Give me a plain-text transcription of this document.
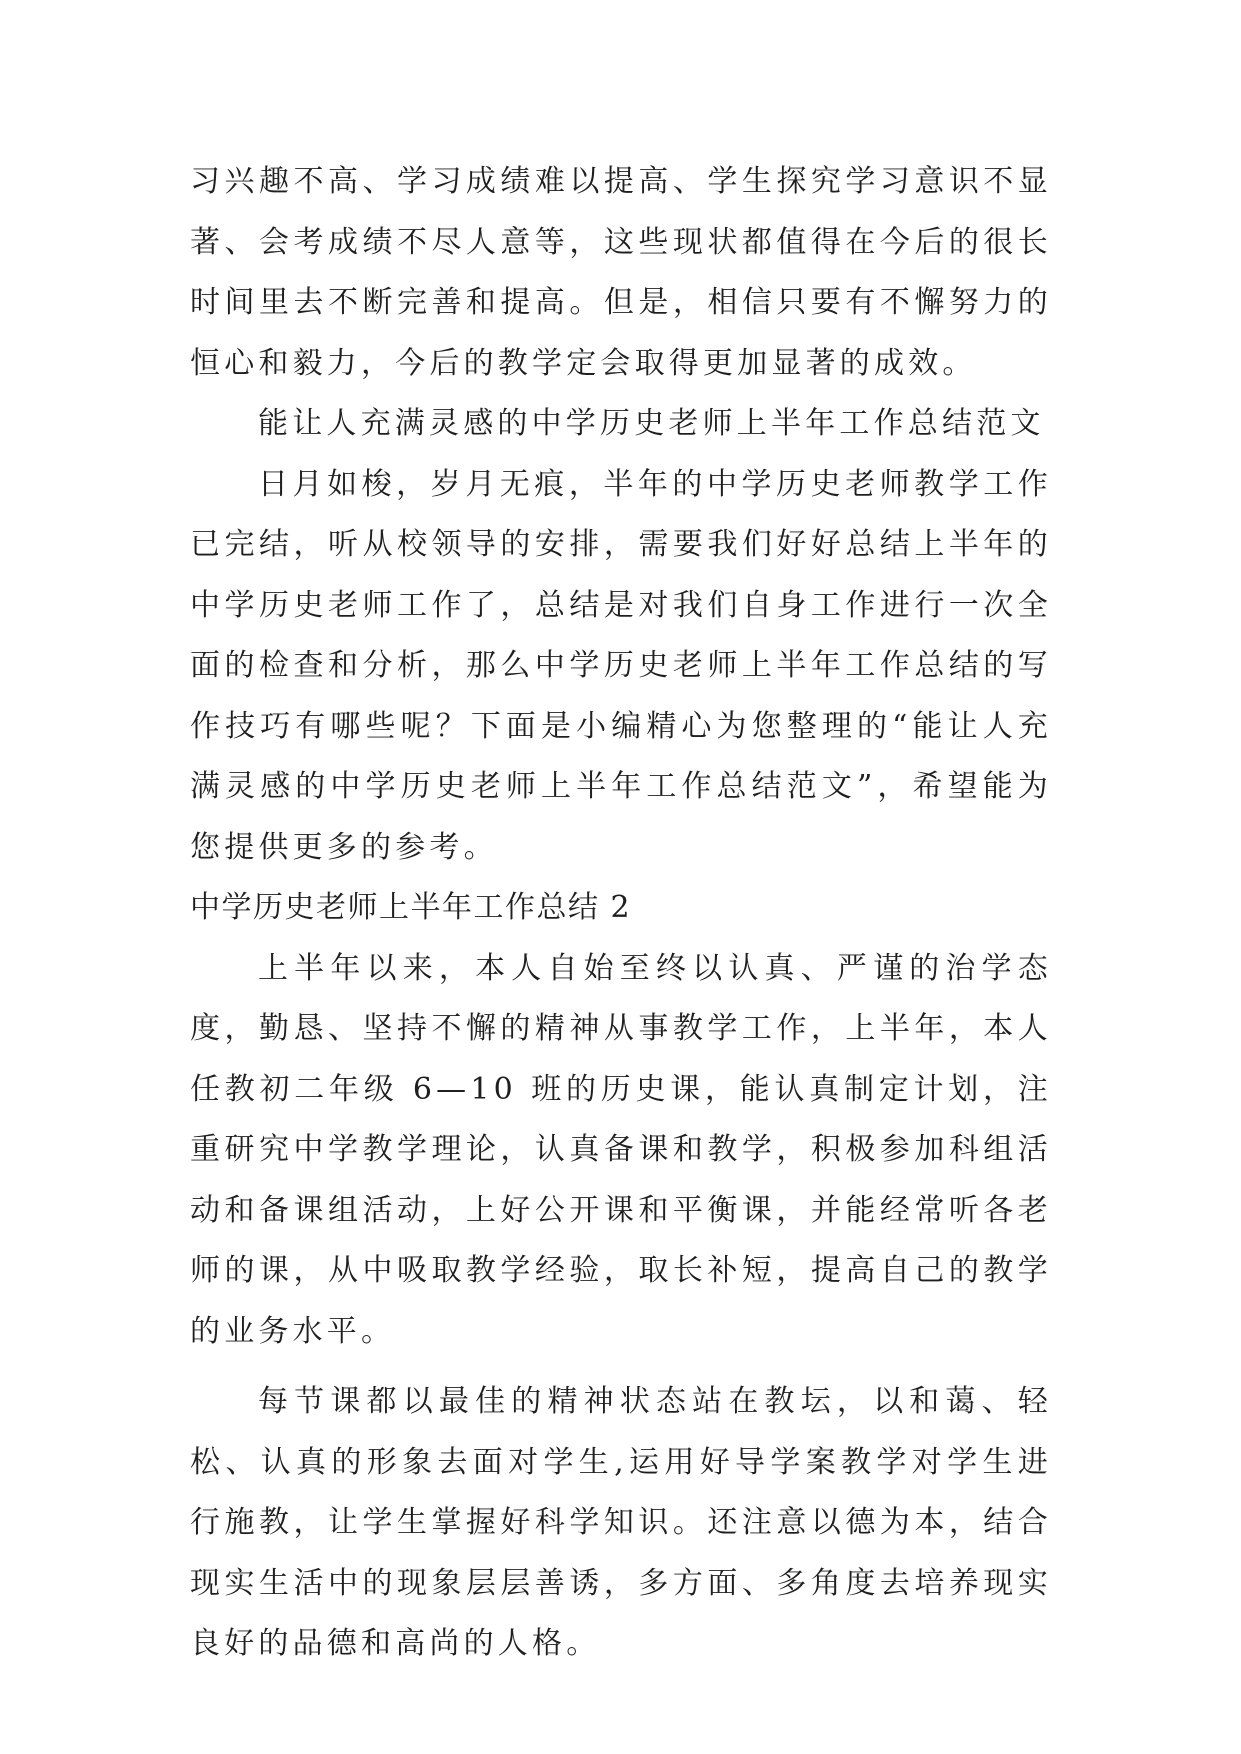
习兴趣不高、学习成绩难以提高、学生探究学习意识不显著、会考成绩不尽人意等，这些现状都值得在今后的很长时间里去不断完善和提高。但是，相信只要有不懈努力的恒心和毅力，今后的教学定会取得更加显著的成效。

能让人充满灵感的中学历史老师上半年工作总结范文

日月如梭，岁月无痕，半年的中学历史老师教学工作已完结，听从校领导的安排，需要我们好好总结上半年的中学历史老师工作了，总结是对我们自身工作进行一次全面的检查和分析，那么中学历史老师上半年工作总结的写作技巧有哪些呢？下面是小编精心为您整理的“能让人充满灵感的中学历史老师上半年工作总结范文”，希望能为您提供更多的参考。

中学历史老师上半年工作总结 2

上半年以来，本人自始至终以认真、严谨的治学态度，勤恳、坚持不懈的精神从事教学工作，上半年，本人任教初二年级 6—10 班的历史课，能认真制定计划，注重研究中学教学理论，认真备课和教学，积极参加科组活动和备课组活动，上好公开课和平衡课，并能经常听各老师的课，从中吸取教学经验，取长补短，提高自己的教学的业务水平。

每节课都以最佳的精神状态站在教坛，以和蔼、轻松、认真的形象去面对学生,运用好导学案教学对学生进行施教，让学生掌握好科学知识。还注意以德为本，结合现实生活中的现象层层善诱，多方面、多角度去培养现实良好的品德和高尚的人格。
